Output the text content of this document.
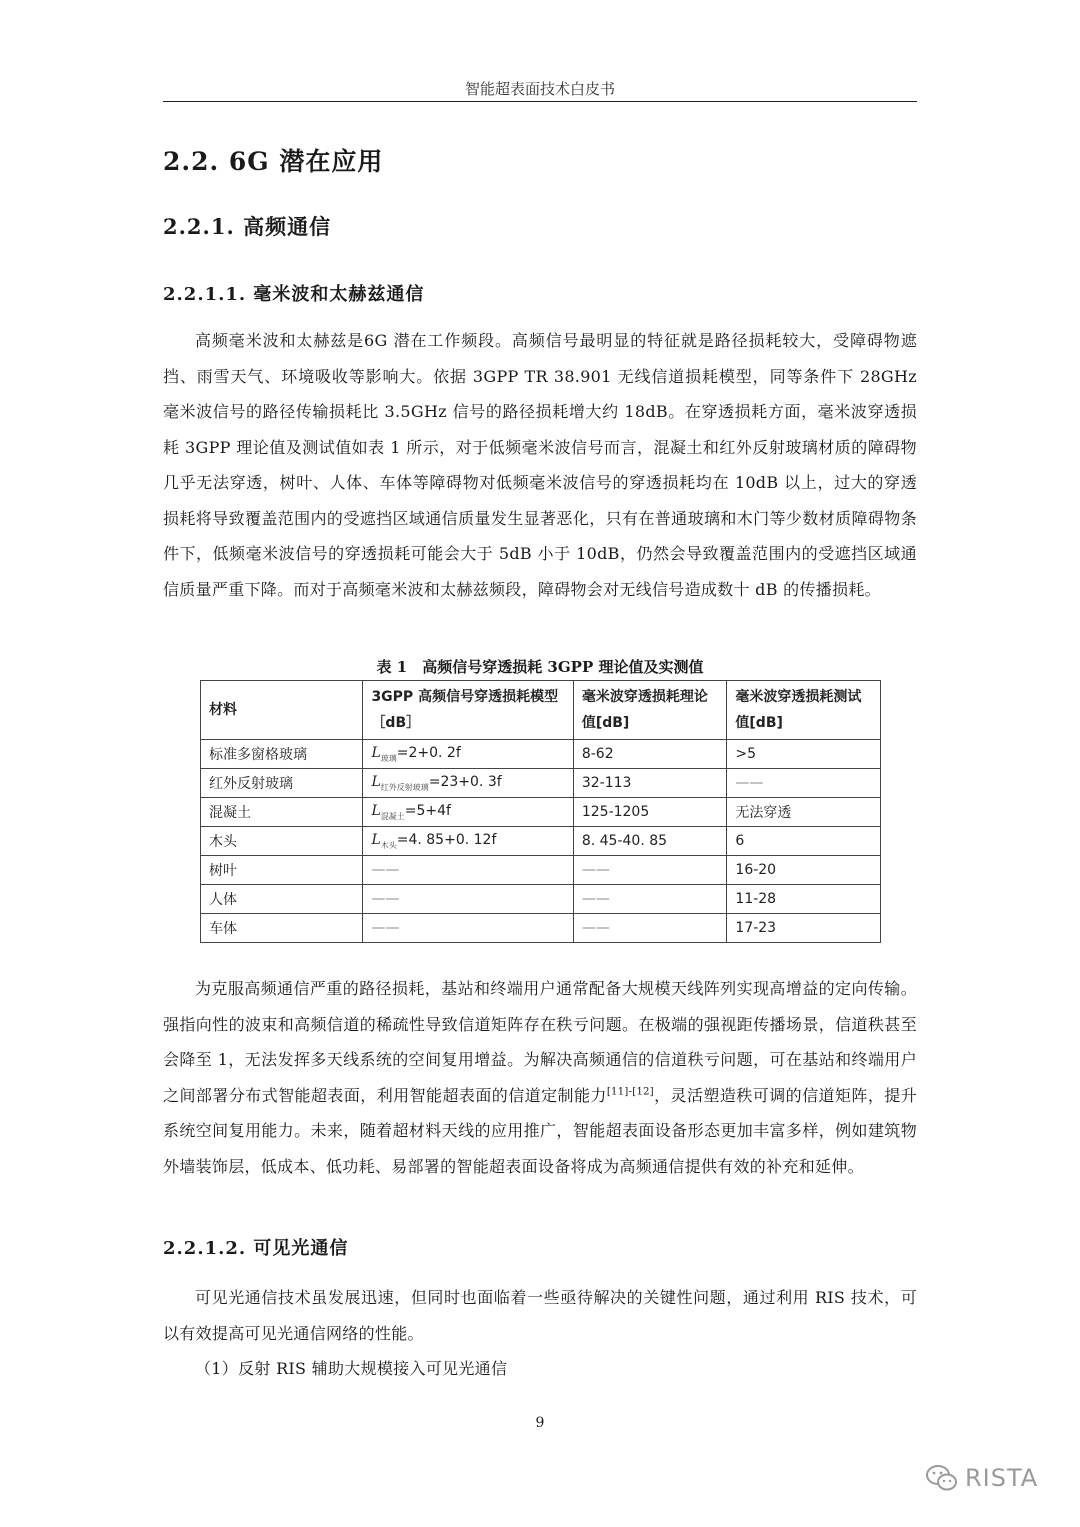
智能超表面技术白皮书
2.2. 6G 潜在应用
2.2.1. 高频通信
2.2.1.1. 毫米波和太赫兹通信

高频毫米波和太赫兹是6G 潜在工作频段。高频信号最明显的特征就是路径损耗较大，受障碍物遮挡、雨雪天气、环境吸收等影响大。依据 3GPP TR 38.901 无线信道损耗模型，同等条件下 28GHz 毫米波信号的路径传输损耗比 3.5GHz 信号的路径损耗增大约 18dB。在穿透损耗方面，毫米波穿透损耗 3GPP 理论值及测试值如表 1 所示，对于低频毫米波信号而言，混凝土和红外反射玻璃材质的障碍物几乎无法穿透，树叶、人体、车体等障碍物对低频毫米波信号的穿透损耗均在 10dB 以上，过大的穿透损耗将导致覆盖范围内的受遮挡区域通信质量发生显著恶化，只有在普通玻璃和木门等少数材质障碍物条件下，低频毫米波信号的穿透损耗可能会大于 5dB 小于 10dB，仍然会导致覆盖范围内的受遮挡区域通信质量严重下降。而对于高频毫米波和太赫兹频段，障碍物会对无线信号造成数十 dB 的传播损耗。

表 1　高频信号穿透损耗 3GPP 理论值及实测值
材料	3GPP 高频信号穿透损耗模型［dB］	毫米波穿透损耗理论值[dB]	毫米波穿透损耗测试值[dB]
标准多窗格玻璃	$L_{玻璃}=2+0$. 2f	8-62	>5
红外反射玻璃	$L_{红外反射玻璃}=23+0$. 3f	32-113	——
混凝土	$L_{混凝土}=5+4f$	125-1205	无法穿透
木头	$L_{木头}=4$. 85+0. 12f	8. 45-40. 85	6
树叶	——	——	16-20
人体	——	——	11-28
车体	——	——	17-23

为克服高频通信严重的路径损耗，基站和终端用户通常配备大规模天线阵列实现高增益的定向传输。强指向性的波束和高频信道的稀疏性导致信道矩阵存在秩亏问题。在极端的强视距传播场景，信道秩甚至会降至 1，无法发挥多天线系统的空间复用增益。为解决高频通信的信道秩亏问题，可在基站和终端用户之间部署分布式智能超表面，利用智能超表面的信道定制能力[11]-[12]，灵活塑造秩可调的信道矩阵，提升系统空间复用能力。未来，随着超材料天线的应用推广，智能超表面设备形态更加丰富多样，例如建筑物外墙装饰层，低成本、低功耗、易部署的智能超表面设备将成为高频通信提供有效的补充和延伸。

2.2.1.2. 可见光通信

可见光通信技术虽发展迅速，但同时也面临着一些亟待解决的关键性问题，通过利用 RIS 技术，可以有效提高可见光通信网络的性能。

（1）反射 RIS 辅助大规模接入可见光通信

9
RISTA
